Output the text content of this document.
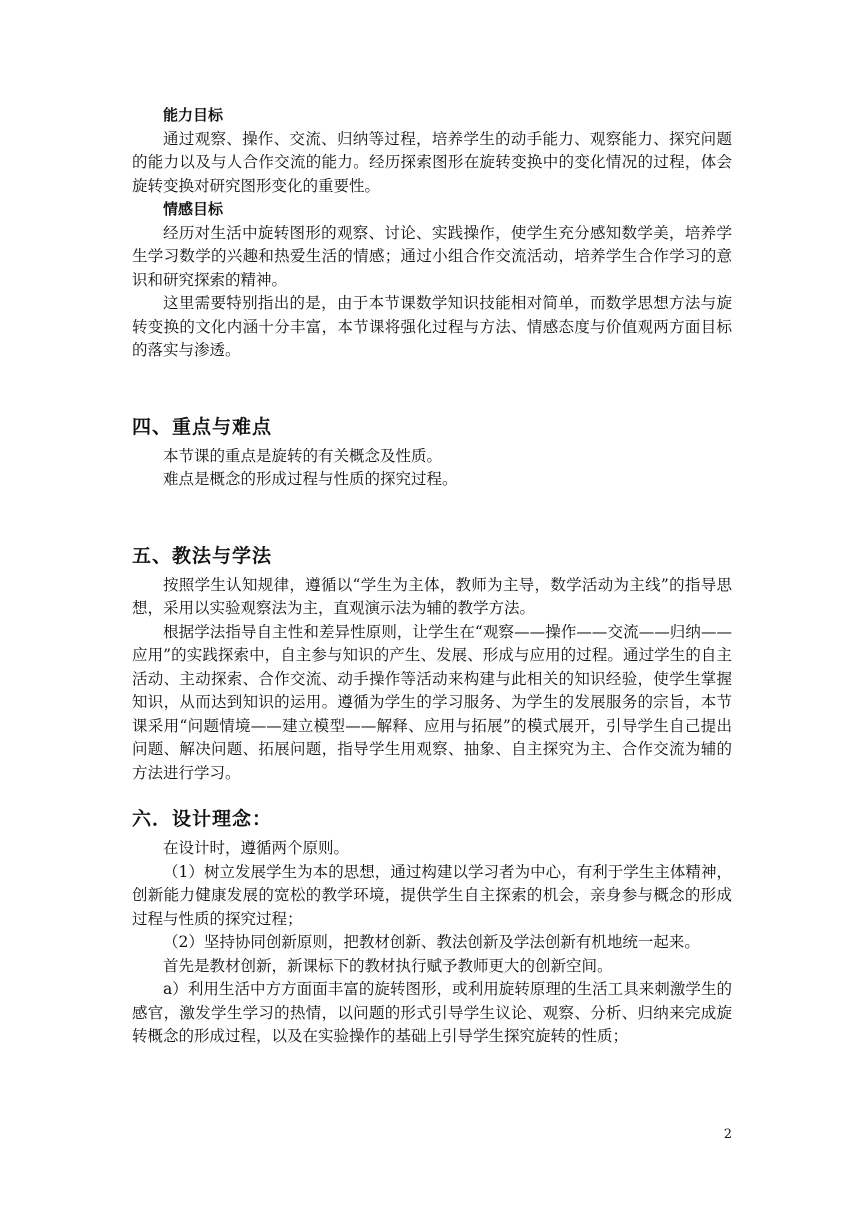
能力目标

通过观察、操作、交流、归纳等过程，培养学生的动手能力、观察能力、探究问题的能力以及与人合作交流的能力。经历探索图形在旋转变换中的变化情况的过程，体会旋转变换对研究图形变化的重要性。

情感目标

经历对生活中旋转图形的观察、讨论、实践操作，使学生充分感知数学美，培养学生学习数学的兴趣和热爱生活的情感；通过小组合作交流活动，培养学生合作学习的意识和研究探索的精神。

这里需要特别指出的是，由于本节课数学知识技能相对简单，而数学思想方法与旋转变换的文化内涵十分丰富，本节课将强化过程与方法、情感态度与价值观两方面目标的落实与渗透。

四、重点与难点

本节课的重点是旋转的有关概念及性质。

难点是概念的形成过程与性质的探究过程。

五、教法与学法

按照学生认知规律，遵循以“学生为主体，教师为主导，数学活动为主线”的指导思想，采用以实验观察法为主，直观演示法为辅的教学方法。

根据学法指导自主性和差异性原则，让学生在“观察——操作——交流——归纳——应用”的实践探索中，自主参与知识的产生、发展、形成与应用的过程。通过学生的自主活动、主动探索、合作交流、动手操作等活动来构建与此相关的知识经验，使学生掌握知识，从而达到知识的运用。遵循为学生的学习服务、为学生的发展服务的宗旨，本节课采用“问题情境——建立模型——解释、应用与拓展”的模式展开，引导学生自己提出问题、解决问题、拓展问题，指导学生用观察、抽象、自主探究为主、合作交流为辅的方法进行学习。

六．设计理念：

在设计时，遵循两个原则。

（1）树立发展学生为本的思想，通过构建以学习者为中心，有利于学生主体精神，创新能力健康发展的宽松的教学环境，提供学生自主探索的机会，亲身参与概念的形成过程与性质的探究过程；

（2）坚持协同创新原则，把教材创新、教法创新及学法创新有机地统一起来。

首先是教材创新，新课标下的教材执行赋予教师更大的创新空间。

a）利用生活中方方面面丰富的旋转图形，或利用旋转原理的生活工具来刺激学生的感官，激发学生学习的热情，以问题的形式引导学生议论、观察、分析、归纳来完成旋转概念的形成过程，以及在实验操作的基础上引导学生探究旋转的性质；

2
